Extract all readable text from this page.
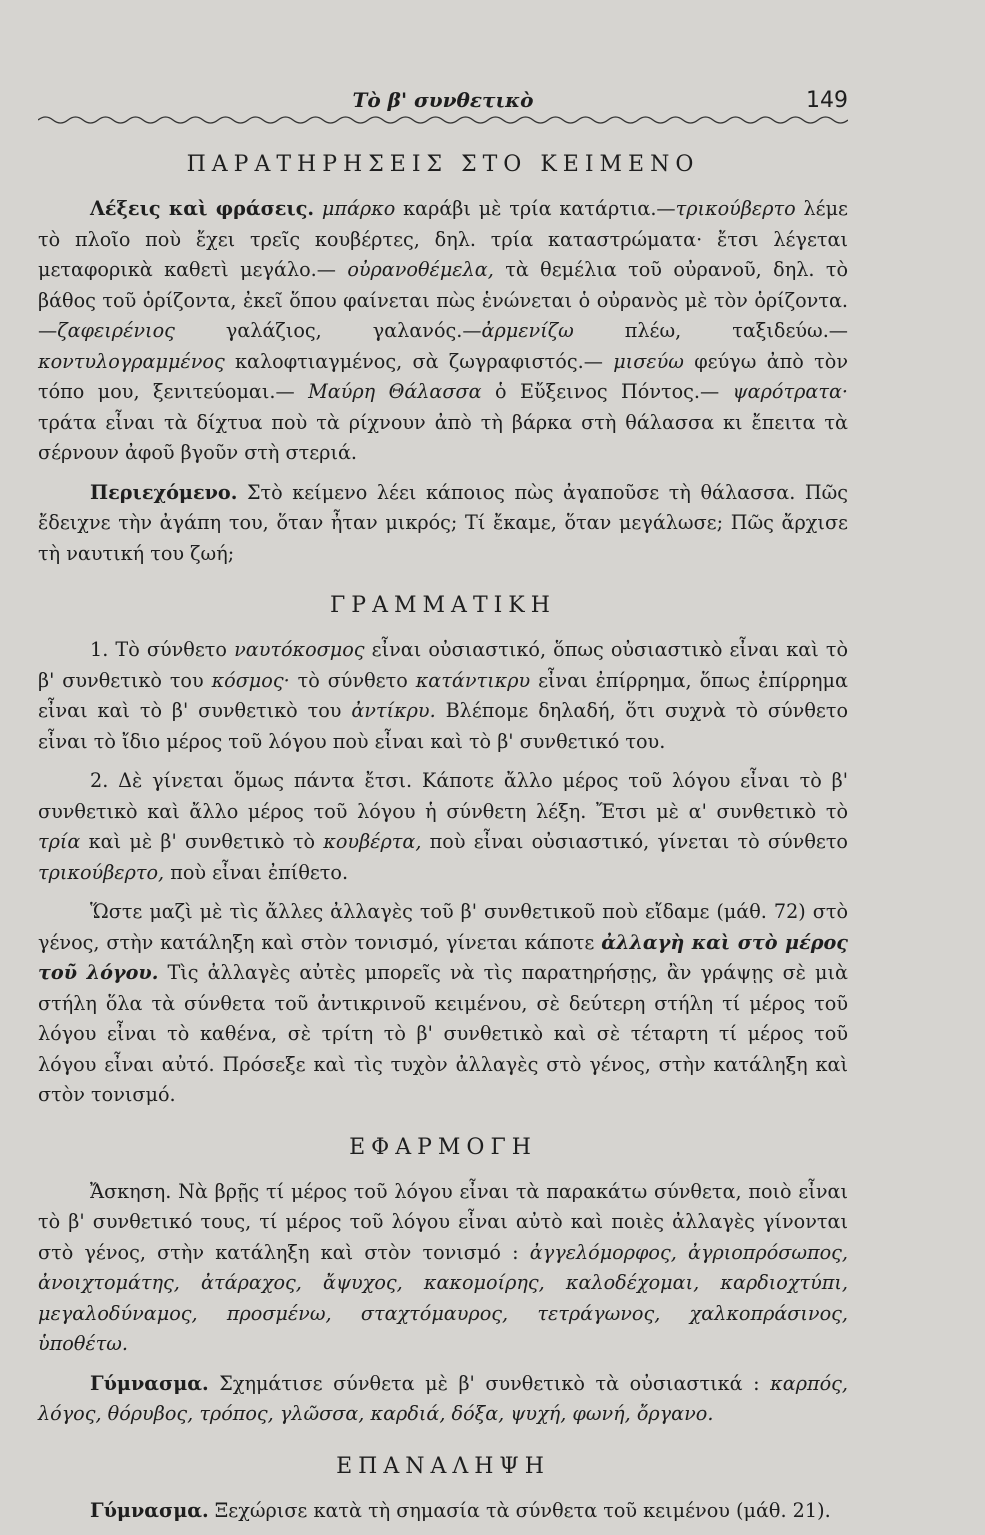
Τὸ β' συνθετικὸ	149
ΠΑΡΑΤΗΡΗΣΕΙΣ ΣΤΟ ΚΕΙΜΕΝΟ

Λέξεις καὶ φράσεις. μπάρκο καράβι μὲ τρία κατάρτια.—τρικούβερτο λέμε τὸ πλοῖο ποὺ ἔχει τρεῖς κουβέρτες, δηλ. τρία καταστρώματα· ἔτσι λέγεται μεταφορικὰ καθετὶ μεγάλο.— οὐρανοθέμελα, τὰ θεμέλια τοῦ οὐρανοῦ, δηλ. τὸ βάθος τοῦ ὁρίζοντα, ἐκεῖ ὅπου φαίνεται πὼς ἑνώνεται ὁ οὐρανὸς μὲ τὸν ὁρίζοντα.—ζαφειρένιος γαλάζιος, γαλανός.—ἀρμενίζω πλέω, ταξιδεύω.—κοντυλογραμμένος καλοφτιαγμένος, σὰ ζωγραφιστός.— μισεύω φεύγω ἀπὸ τὸν τόπο μου, ξενιτεύομαι.— Μαύρη Θάλασσα ὁ Εὔξεινος Πόντος.— ψαρότρατα· τράτα εἶναι τὰ δίχτυα ποὺ τὰ ρίχνουν ἀπὸ τὴ βάρκα στὴ θάλασσα κι ἔπειτα τὰ σέρνουν ἀφοῦ βγοῦν στὴ στεριά.

Περιεχόμενο. Στὸ κείμενο λέει κάποιος πὼς ἀγαποῦσε τὴ θάλασσα. Πῶς ἔδειχνε τὴν ἀγάπη του, ὅταν ἦταν μικρός; Τί ἔκαμε, ὅταν μεγάλωσε; Πῶς ἄρχισε τὴ ναυτική του ζωή;

ΓΡΑΜΜΑΤΙΚΗ

1. Τὸ σύνθετο ναυτόκοσμος εἶναι οὐσιαστικό, ὅπως οὐσιαστικὸ εἶναι καὶ τὸ β' συνθετικὸ του κόσμος· τὸ σύνθετο κατάντικρυ εἶναι ἐπίρρημα, ὅπως ἐπίρρημα εἶναι καὶ τὸ β' συνθετικὸ του ἀντίκρυ. Βλέπομε δηλαδή, ὅτι συχνὰ τὸ σύνθετο εἶναι τὸ ἴδιο μέρος τοῦ λόγου ποὺ εἶναι καὶ τὸ β' συνθετικό του.

2. Δὲ γίνεται ὅμως πάντα ἔτσι. Κάποτε ἄλλο μέρος τοῦ λόγου εἶναι τὸ β' συνθετικὸ καὶ ἄλλο μέρος τοῦ λόγου ἡ σύνθετη λέξη. Ἔτσι μὲ α' συνθετικὸ τὸ τρία καὶ μὲ β' συνθετικὸ τὸ κουβέρτα, ποὺ εἶναι οὐσιαστικό, γίνεται τὸ σύνθετο τρικούβερτο, ποὺ εἶναι ἐπίθετο.

Ὥστε μαζὶ μὲ τὶς ἄλλες ἀλλαγὲς τοῦ β' συνθετικοῦ ποὺ εἴδαμε (μάθ. 72) στὸ γένος, στὴν κατάληξη καὶ στὸν τονισμό, γίνεται κάποτε ἀλλαγὴ καὶ στὸ μέρος τοῦ λόγου. Τὶς ἀλλαγὲς αὐτὲς μπορεῖς νὰ τὶς παρατηρήσῃς, ἂν γράψῃς σὲ μιὰ στήλη ὅλα τὰ σύνθετα τοῦ ἀντικρινοῦ κειμένου, σὲ δεύτερη στήλη τί μέρος τοῦ λόγου εἶναι τὸ καθένα, σὲ τρίτη τὸ β' συνθετικὸ καὶ σὲ τέταρτη τί μέρος τοῦ λόγου εἶναι αὐτό. Πρόσεξε καὶ τὶς τυχὸν ἀλλαγὲς στὸ γένος, στὴν κατάληξη καὶ στὸν τονισμό.

ΕΦΑΡΜΟΓΗ

Ἄσκηση. Νὰ βρῇς τί μέρος τοῦ λόγου εἶναι τὰ παρακάτω σύνθετα, ποιὸ εἶναι τὸ β' συνθετικό τους, τί μέρος τοῦ λόγου εἶναι αὐτὸ καὶ ποιὲς ἀλλαγὲς γίνονται στὸ γένος, στὴν κατάληξη καὶ στὸν τονισμό : ἀγγελόμορφος, ἀγριοπρόσωπος, ἀνοιχτομάτης, ἀτάραχος, ἄψυχος, κακομοίρης, καλοδέχομαι, καρδιοχτύπι, μεγαλοδύναμος, προσμένω, σταχτόμαυρος, τετράγωνος, χαλκοπράσινος, ὑποθέτω.

Γύμνασμα. Σχημάτισε σύνθετα μὲ β' συνθετικὸ τὰ οὐσιαστικά : καρπός, λόγος, θόρυβος, τρόπος, γλῶσσα, καρδιά, δόξα, ψυχή, φωνή, ὄργανο.

ΕΠΑΝΑΛΗΨΗ

Γύμνασμα. Ξεχώρισε κατὰ τὴ σημασία τὰ σύνθετα τοῦ κειμένου (μάθ. 21).
